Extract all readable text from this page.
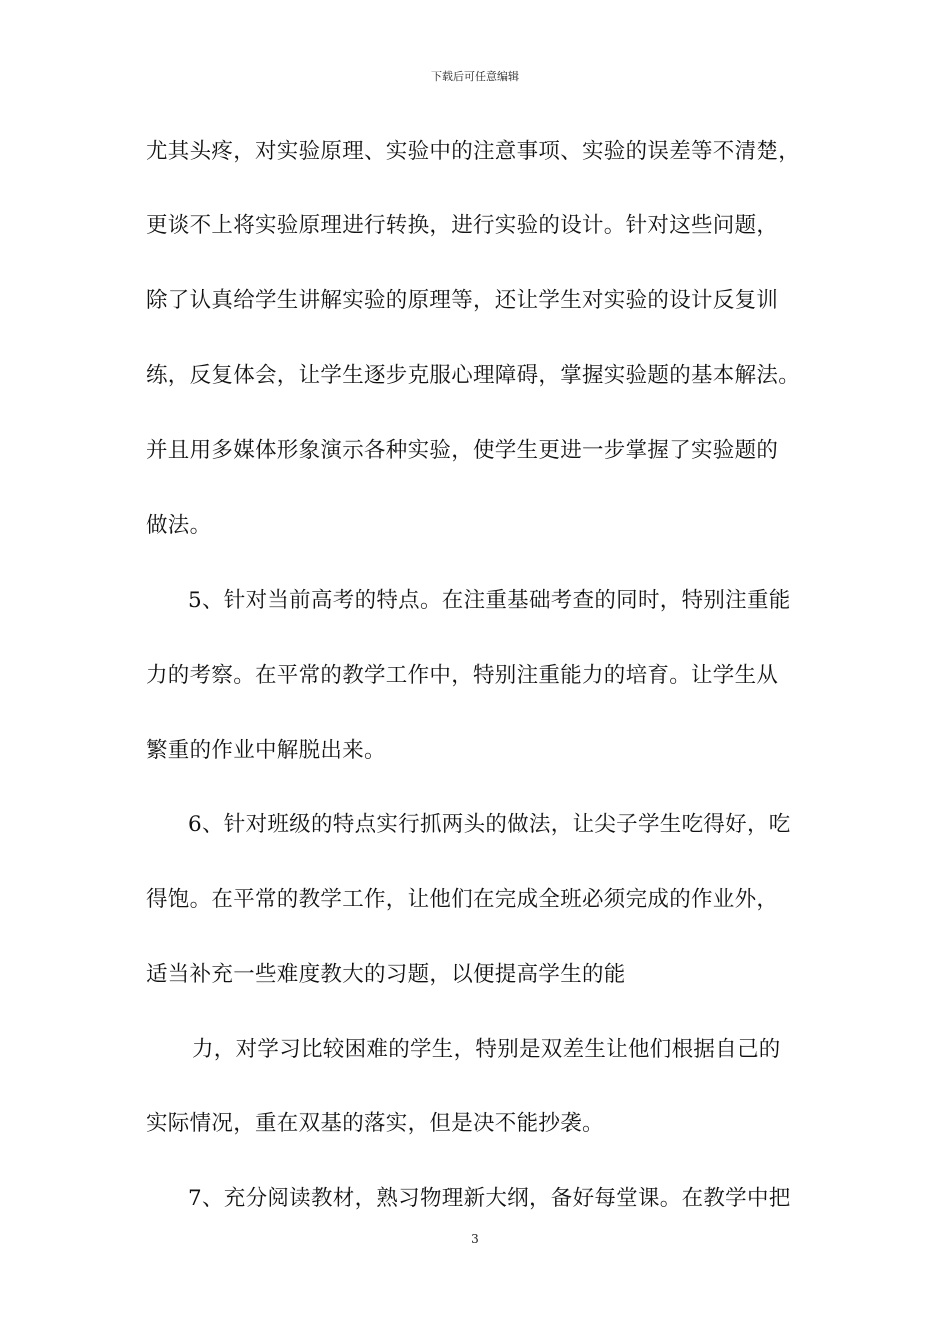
下载后可任意编辑
尤其头疼，对实验原理、实验中的注意事项、实验的误差等不清楚，
更谈不上将实验原理进行转换，进行实验的设计。针对这些问题，
除了认真给学生讲解实验的原理等，还让学生对实验的设计反复训
练，反复体会，让学生逐步克服心理障碍，掌握实验题的基本解法。
并且用多媒体形象演示各种实验，使学生更进一步掌握了实验题的
做法。
5、针对当前高考的特点。在注重基础考查的同时，特别注重能
力的考察。在平常的教学工作中，特别注重能力的培育。让学生从
繁重的作业中解脱出来。
6、针对班级的特点实行抓两头的做法，让尖子学生吃得好，吃
得饱。在平常的教学工作，让他们在完成全班必须完成的作业外，
适当补充一些难度教大的习题，以便提高学生的能
力，对学习比较困难的学生，特别是双差生让他们根据自己的
实际情况，重在双基的落实，但是决不能抄袭。
7、充分阅读教材，熟习物理新大纲，备好每堂课。在教学中把
3
